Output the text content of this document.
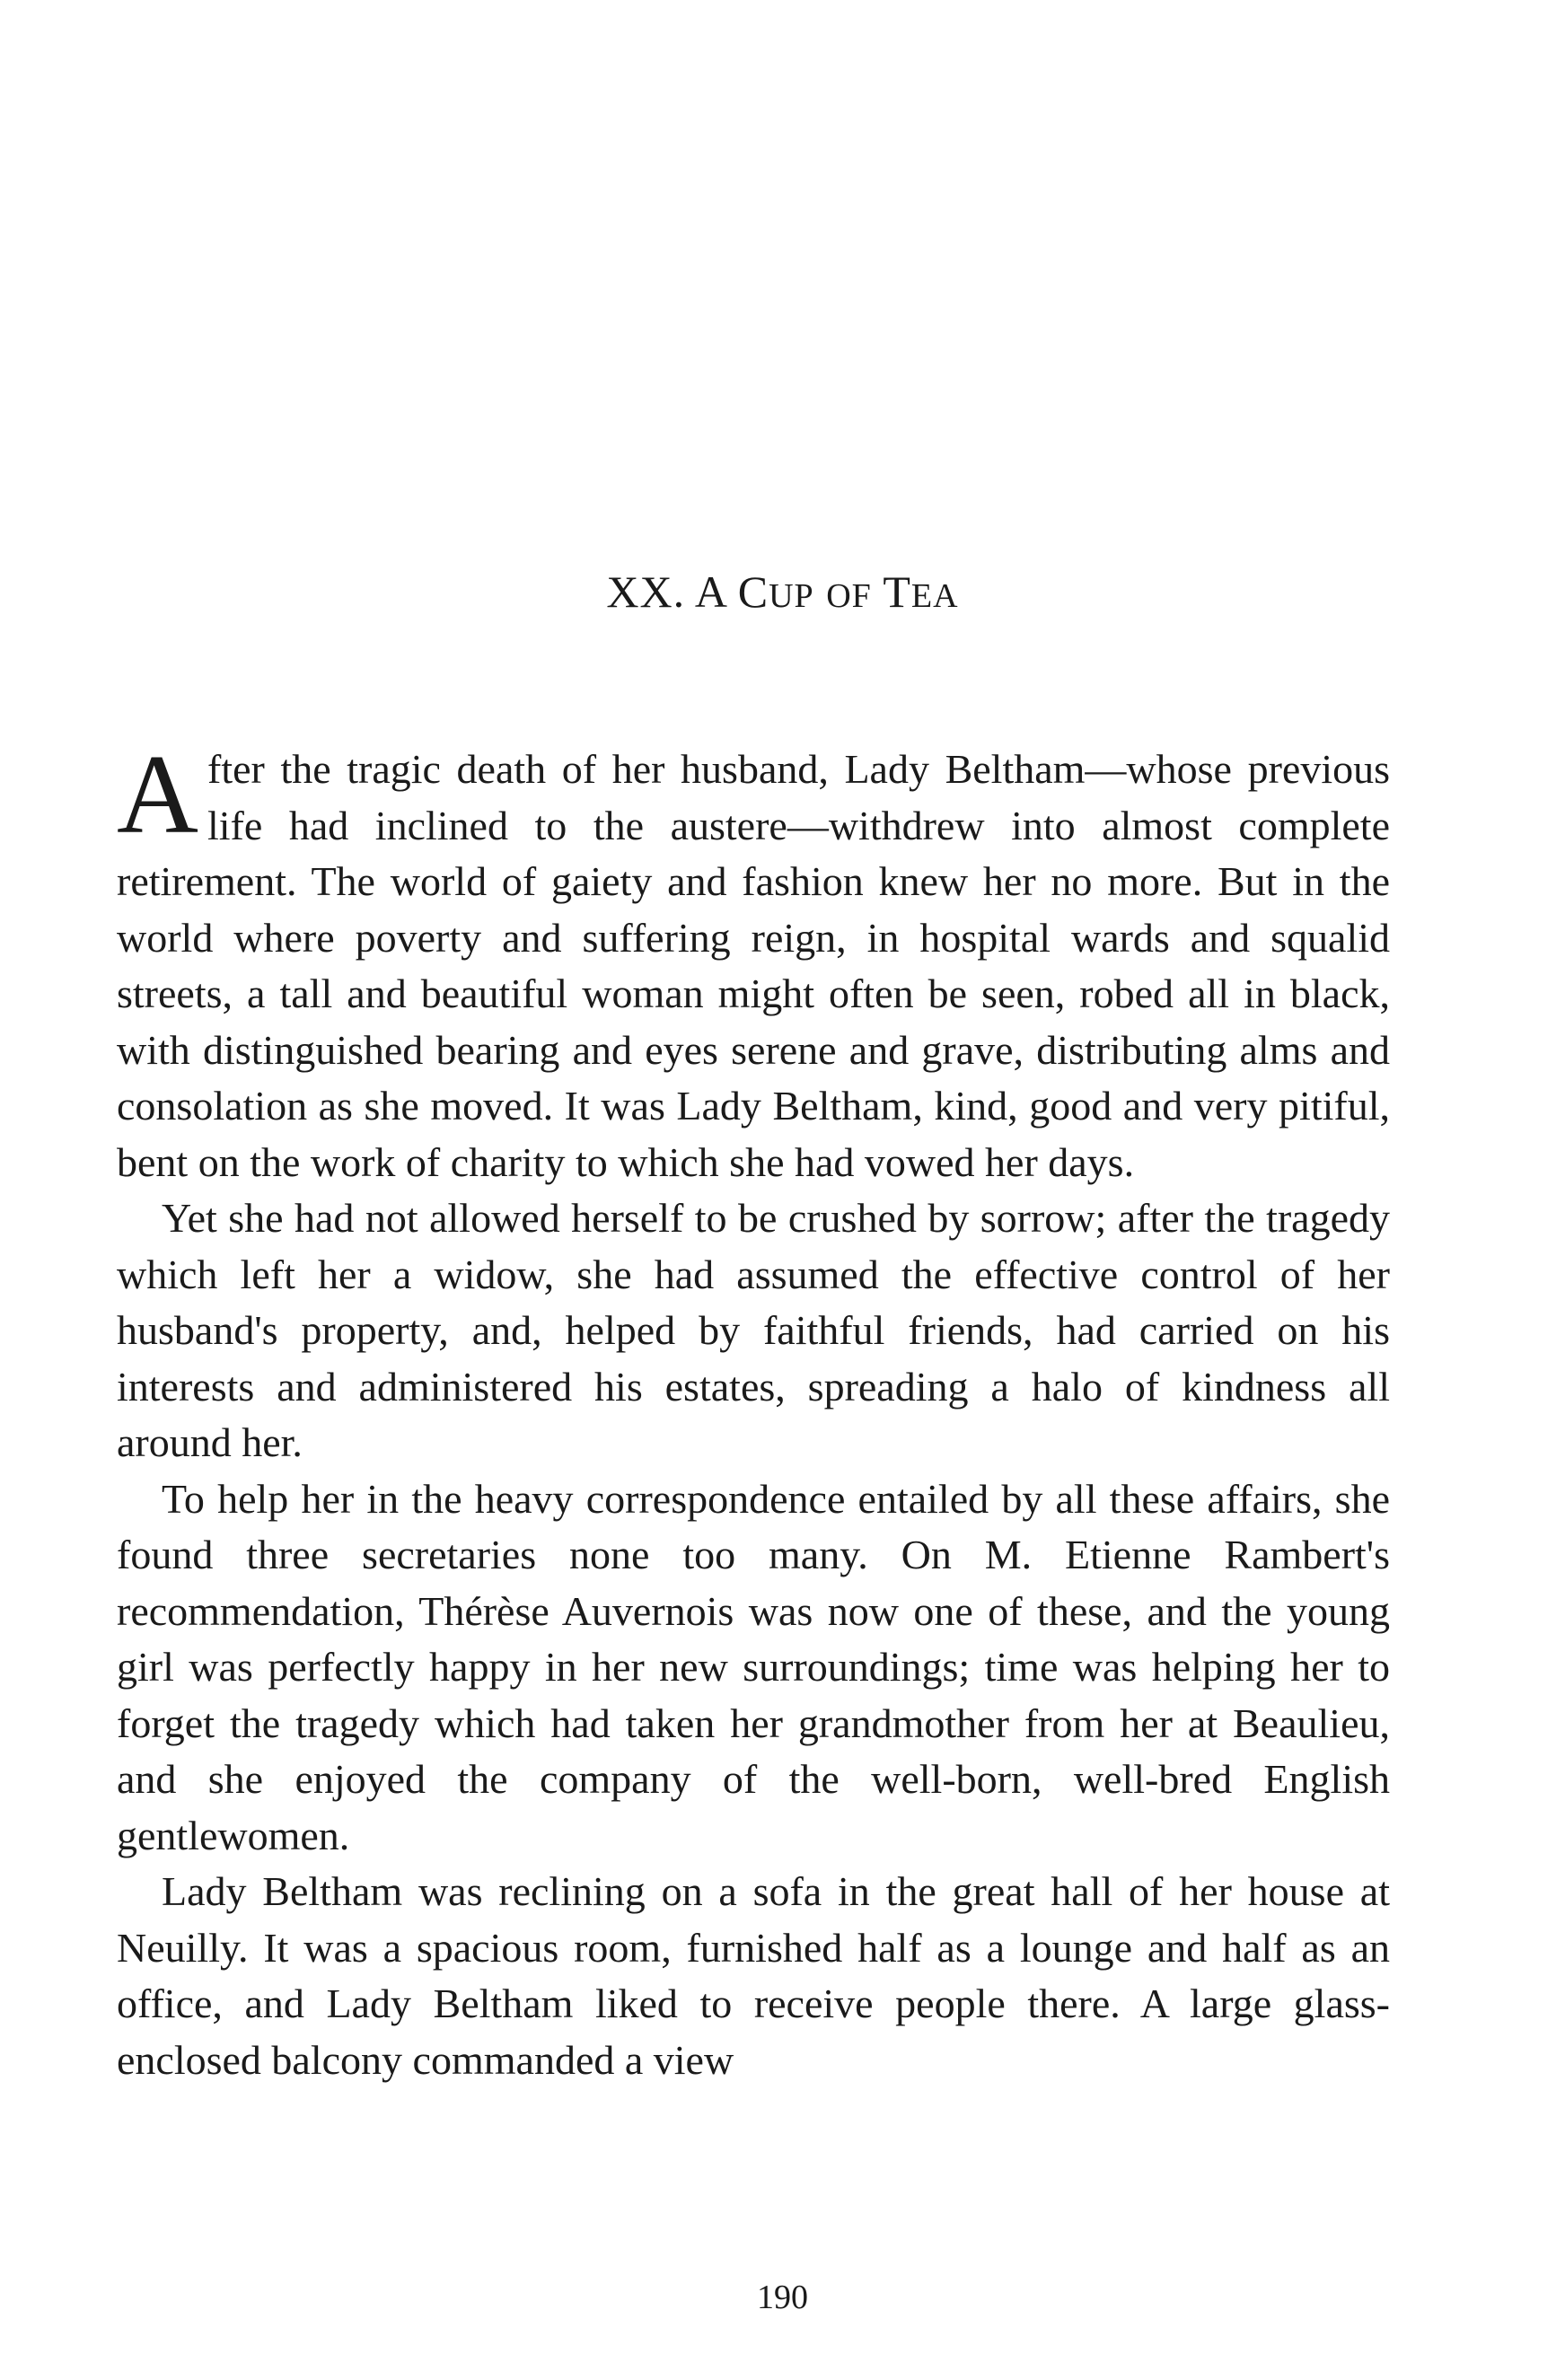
XX. A CUP OF TEA

After the tragic death of her husband, Lady Beltham—whose previous life had inclined to the austere—withdrew into almost complete retirement. The world of gaiety and fashion knew her no more. But in the world where poverty and suffering reign, in hospital wards and squalid streets, a tall and beautiful woman might often be seen, robed all in black, with distinguished bearing and eyes serene and grave, distributing alms and consolation as she moved. It was Lady Beltham, kind, good and very pitiful, bent on the work of charity to which she had vowed her days.

Yet she had not allowed herself to be crushed by sorrow; after the tragedy which left her a widow, she had assumed the effective control of her husband's property, and, helped by faithful friends, had carried on his interests and administered his estates, spreading a halo of kindness all around her.

To help her in the heavy correspondence entailed by all these affairs, she found three secretaries none too many. On M. Etienne Rambert's recommendation, Thérèse Auvernois was now one of these, and the young girl was perfectly happy in her new surroundings; time was helping her to forget the tragedy which had taken her grandmother from her at Beaulieu, and she enjoyed the company of the well-born, well-bred English gentlewomen.

Lady Beltham was reclining on a sofa in the great hall of her house at Neuilly. It was a spacious room, furnished half as a lounge and half as an office, and Lady Beltham liked to receive people there. A large glass-enclosed balcony commanded a view

190
